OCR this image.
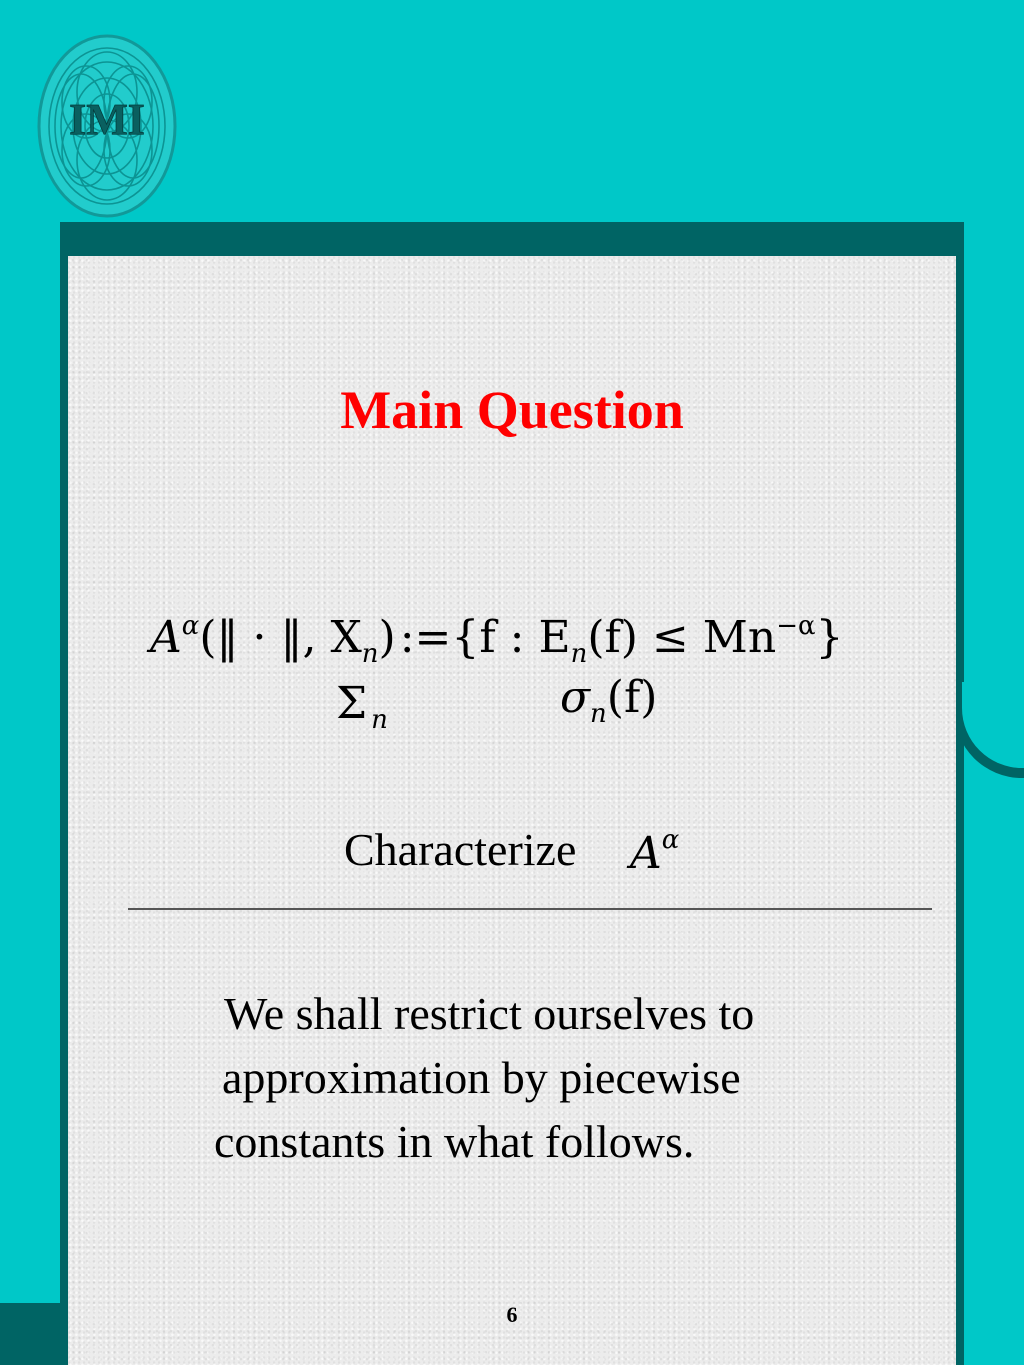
IMI
Main Question
$A^\alpha(‖$ · ‖, $X_n):=\{f$ : $E_n(f) \le Mn^{-\alpha}$}
Σ $_n$	$\sigma_n(f)$
Characterize $A^\alpha$
We shall restrict ourselves to
approximation by piecewise
constants in what follows.
6
